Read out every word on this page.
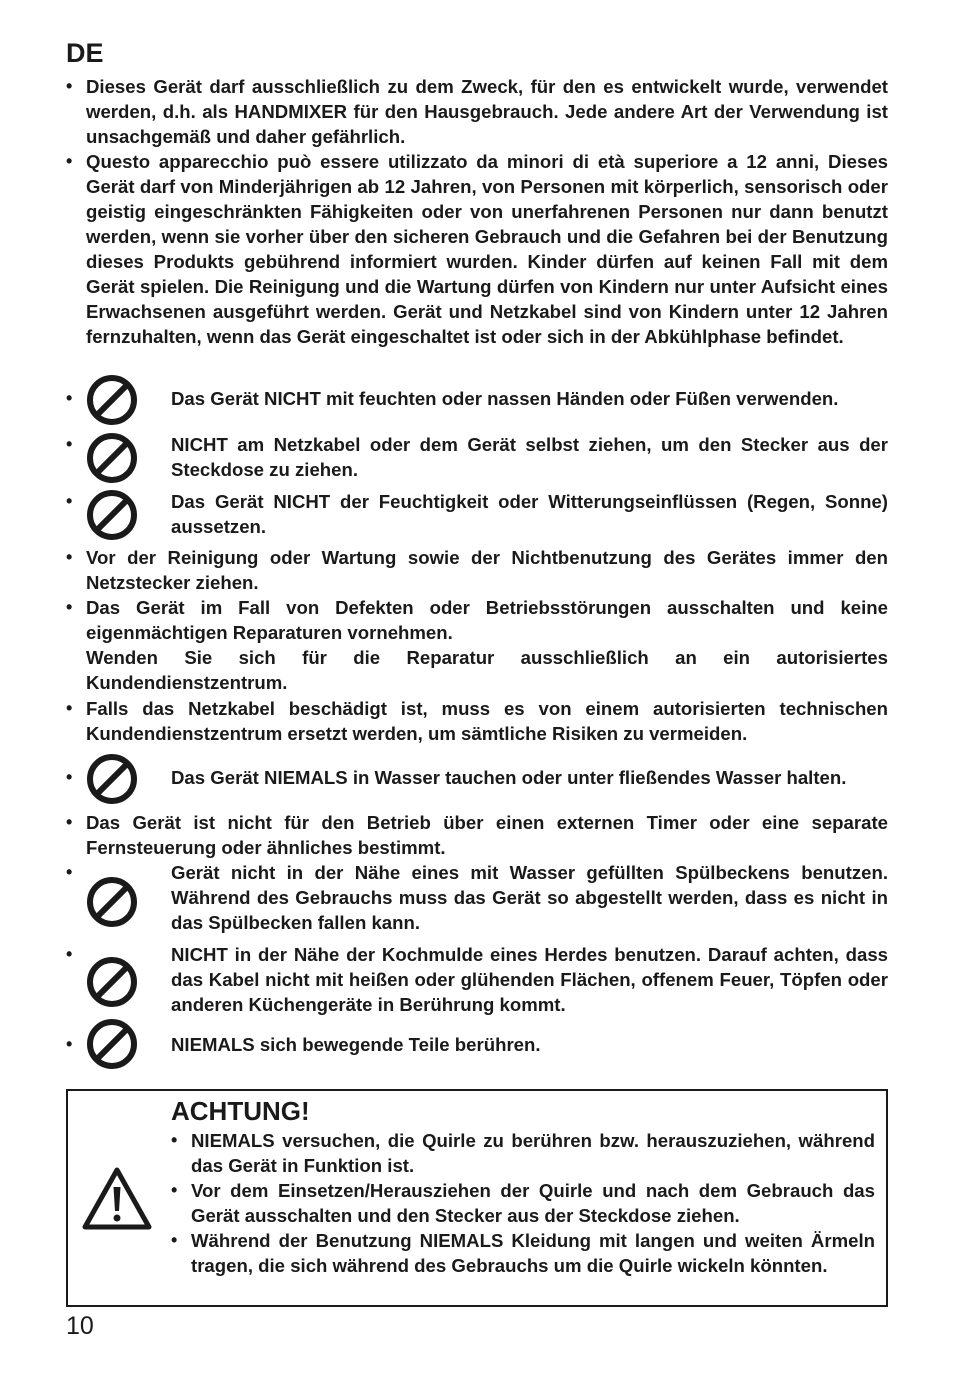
DE
• Dieses Gerät darf ausschließlich zu dem Zweck, für den es entwickelt wurde, verwendet werden, d.h. als HANDMIXER für den Hausgebrauch. Jede andere Art der Verwendung ist unsachgemäß und daher gefährlich.
• Questo apparecchio può essere utilizzato da minori di età superiore a 12 anni, Dieses Gerät darf von Minderjährigen ab 12 Jahren, von Personen mit körperlich, sensorisch oder geistig eingeschränkten Fähigkeiten oder von unerfahrenen Personen nur dann benutzt werden, wenn sie vorher über den sicheren Gebrauch und die Gefahren bei der Benutzung dieses Produkts gebührend informiert wurden. Kinder dürfen auf keinen Fall mit dem Gerät spielen. Die Reinigung und die Wartung dürfen von Kindern nur unter Aufsicht eines Erwachsenen ausgeführt werden. Gerät und Netzkabel sind von Kindern unter 12 Jahren fernzuhalten, wenn das Gerät eingeschaltet ist oder sich in der Abkühlphase befindet.
•	Das Gerät NICHT mit feuchten oder nassen Händen oder Füßen verwenden.
•	NICHT am Netzkabel oder dem Gerät selbst ziehen, um den Stecker aus der Steckdose zu ziehen.
•	Das Gerät NICHT der Feuchtigkeit oder Witterungseinflüssen (Regen, Sonne) aussetzen.
• Vor der Reinigung oder Wartung sowie der Nichtbenutzung des Gerätes immer den Netzstecker ziehen.
• Das Gerät im Fall von Defekten oder Betriebsstörungen ausschalten und keine eigenmächtigen Reparaturen vornehmen.
Wenden Sie sich für die Reparatur ausschließlich an ein autorisiertes Kundendienstzentrum.
• Falls das Netzkabel beschädigt ist, muss es von einem autorisierten technischen Kundendienstzentrum ersetzt werden, um sämtliche Risiken zu vermeiden.
•	Das Gerät NIEMALS in Wasser tauchen oder unter fließendes Wasser halten.
• Das Gerät ist nicht für den Betrieb über einen externen Timer oder eine separate Fernsteuerung oder ähnliches bestimmt.
•	Gerät nicht in der Nähe eines mit Wasser gefüllten Spülbeckens benutzen. Während des Gebrauchs muss das Gerät so abgestellt werden, dass es nicht in das Spülbecken fallen kann.
•	NICHT in der Nähe der Kochmulde eines Herdes benutzen. Darauf achten, dass das Kabel nicht mit heißen oder glühenden Flächen, offenem Feuer, Töpfen oder anderen Küchengeräte in Berührung kommt.
•	NIEMALS sich bewegende Teile berühren.
ACHTUNG!
• NIEMALS versuchen, die Quirle zu berühren bzw. herauszuziehen, während das Gerät in Funktion ist.
• Vor dem Einsetzen/Herausziehen der Quirle und nach dem Gebrauch das Gerät ausschalten und den Stecker aus der Steckdose ziehen.
• Während der Benutzung NIEMALS Kleidung mit langen und weiten Ärmeln tragen, die sich während des Gebrauchs um die Quirle wickeln könnten.
10
